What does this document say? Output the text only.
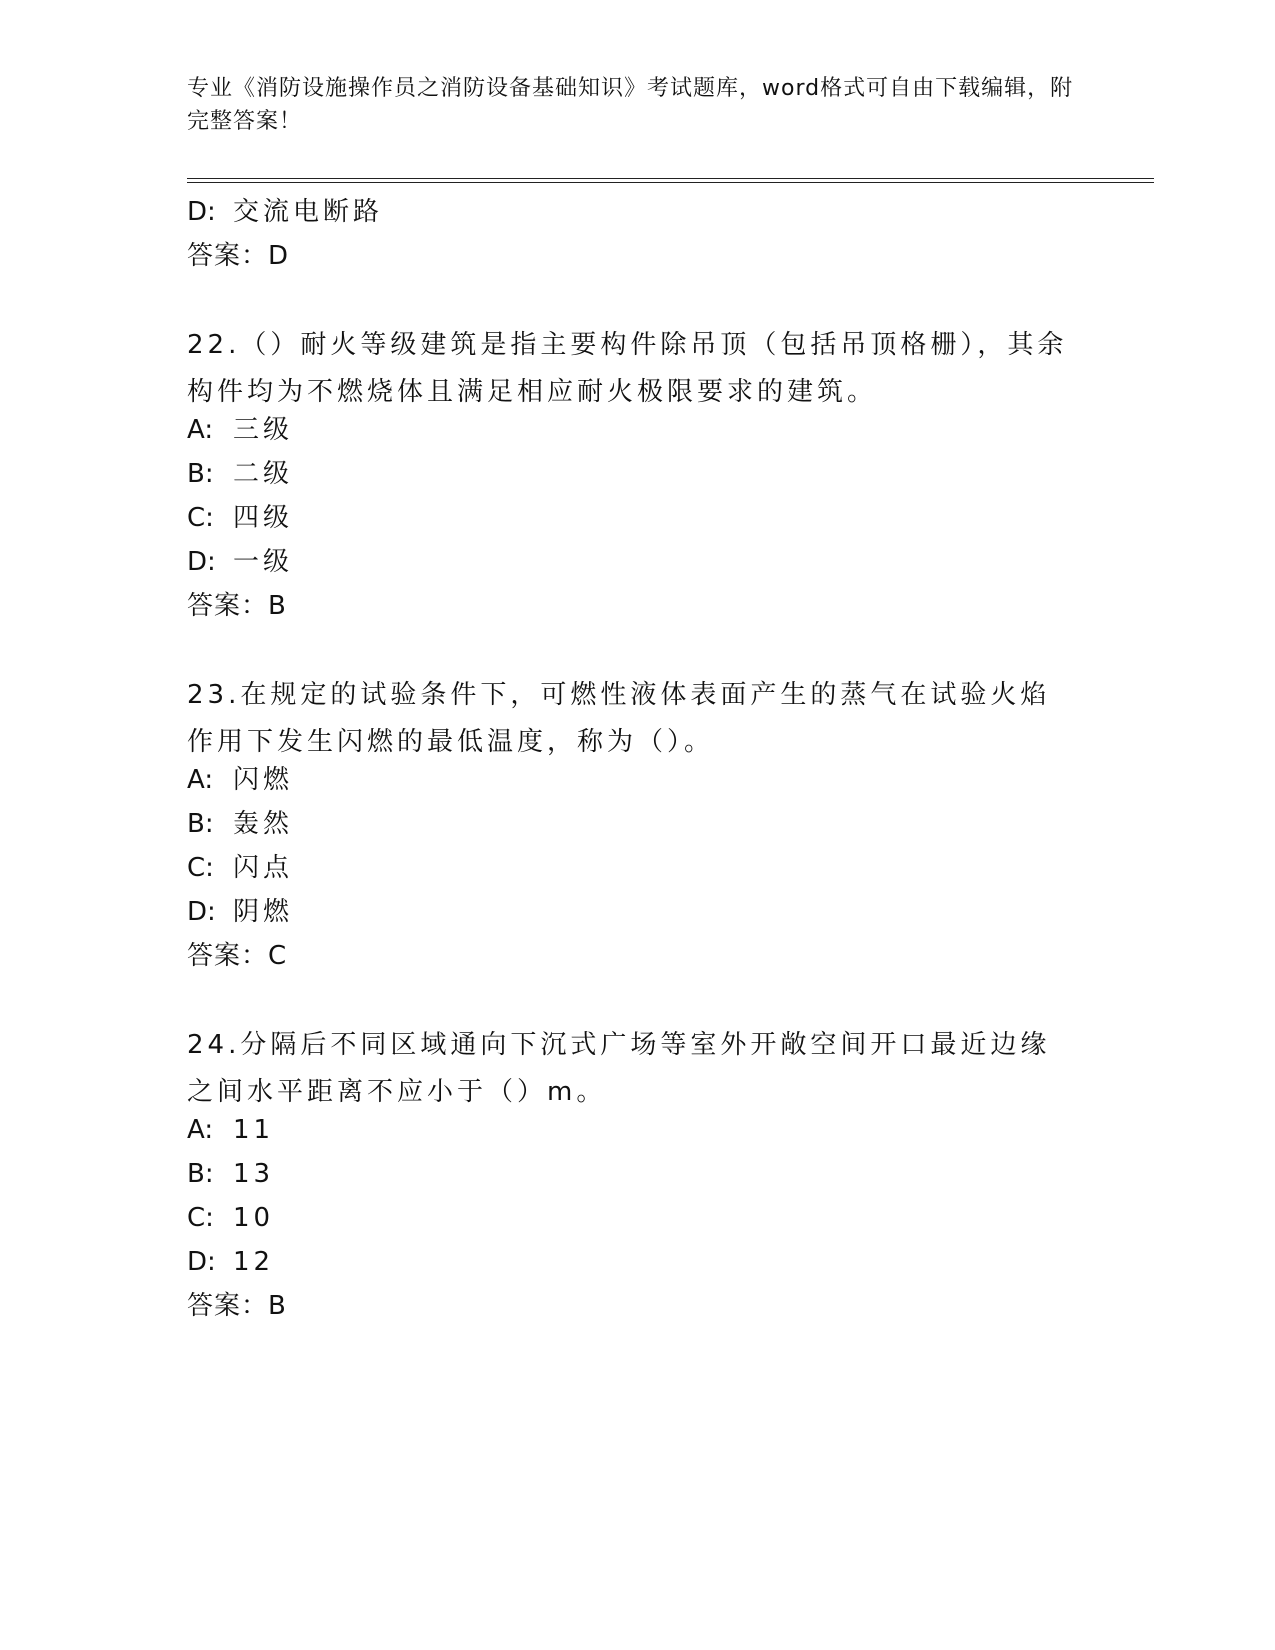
专业《消防设施操作员之消防设备基础知识》考试题库，word格式可自由下载编辑，附完整答案！
D: 交流电断路
答案：D
22.（）耐火等级建筑是指主要构件除吊顶（包括吊顶格栅），其余构件均为不燃烧体且满足相应耐火极限要求的建筑。
A: 三级
B: 二级
C: 四级
D: 一级
答案：B
23.在规定的试验条件下，可燃性液体表面产生的蒸气在试验火焰作用下发生闪燃的最低温度，称为（）。
A: 闪燃
B: 轰然
C: 闪点
D: 阴燃
答案：C
24.分隔后不同区域通向下沉式广场等室外开敞空间开口最近边缘之间水平距离不应小于（）m。
A: 11
B: 13
C: 10
D: 12
答案：B
